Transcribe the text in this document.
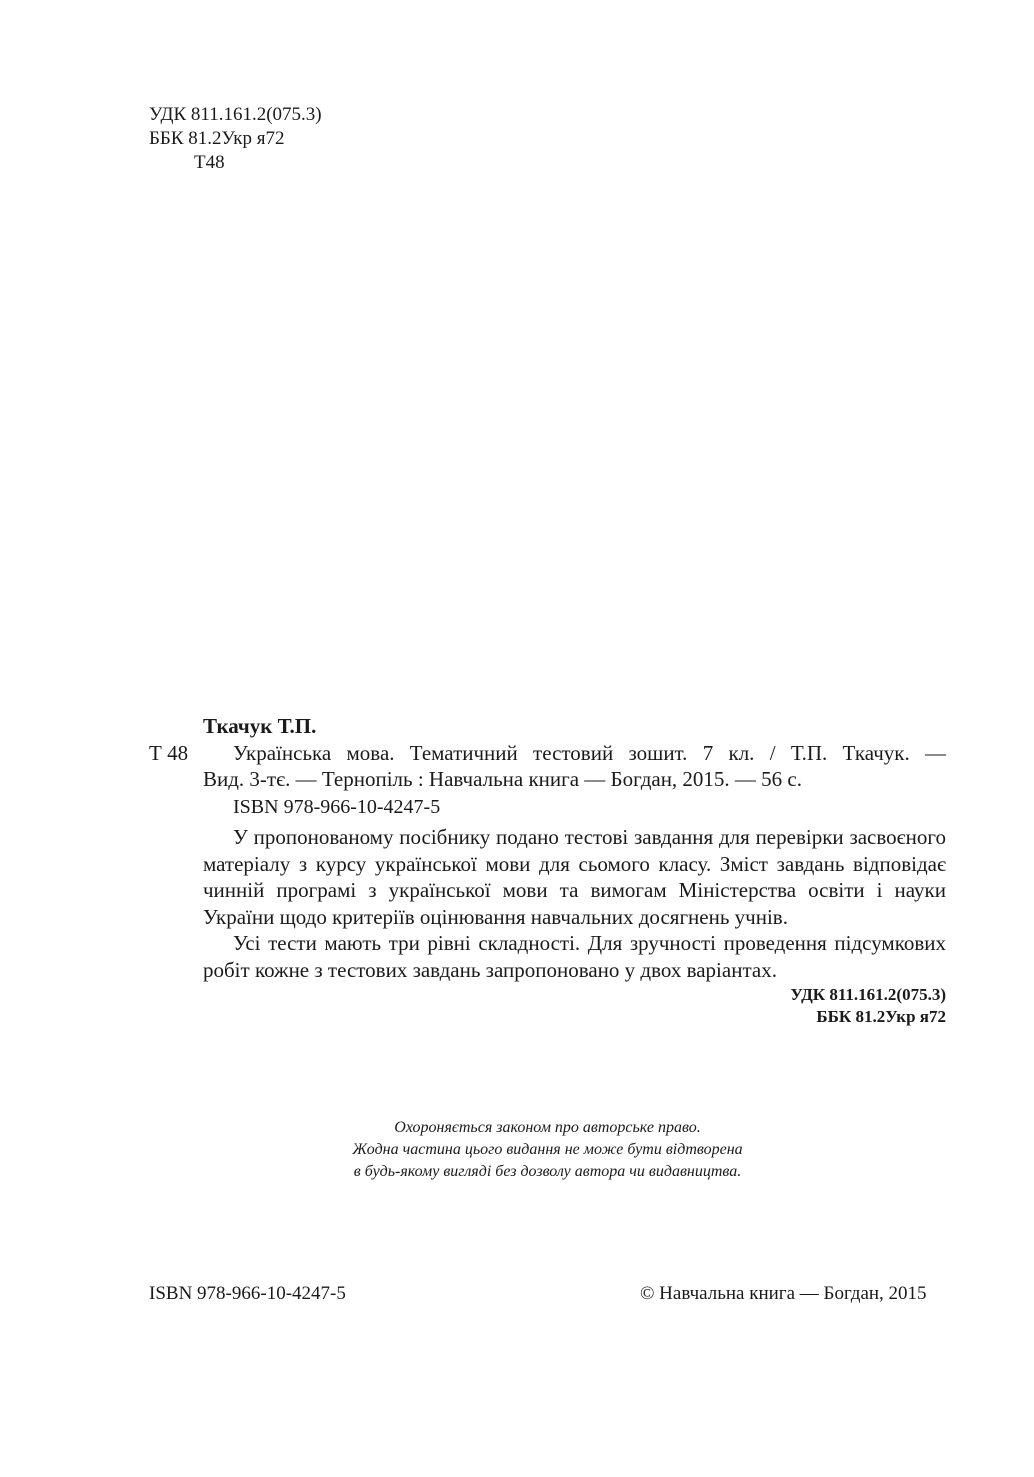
УДК 811.161.2(075.3)
ББК 81.2Укр я72
Т48
Ткачук Т.П.
Т 48	Українська мова. Тематичний тестовий зошит. 7 кл. / Т.П. Ткачук. —
Вид. 3-тє. — Тернопіль : Навчальна книга — Богдан, 2015. — 56 с.
ISBN 978-966-10-4247-5

У пропонованому посібнику подано тестові завдання для перевірки засвоєного матеріалу з курсу української мови для сьомого класу. Зміст завдань відповідає чинній програмі з української мови та вимогам Міністерства освіти і науки України щодо критеріїв оцінювання навчальних досягнень учнів.

Усі тести мають три рівні складності. Для зручності проведення підсумкових робіт кожне з тестових завдань запропоновано у двох варіантах.

УДК 811.161.2(075.3)
ББК 81.2Укр я72
Охороняється законом про авторське право.
Жодна частина цього видання не може бути відтворена
в будь-якому вигляді без дозволу автора чи видавництва.
ISBN 978-966-10-4247-5	© Навчальна книга — Богдан, 2015
